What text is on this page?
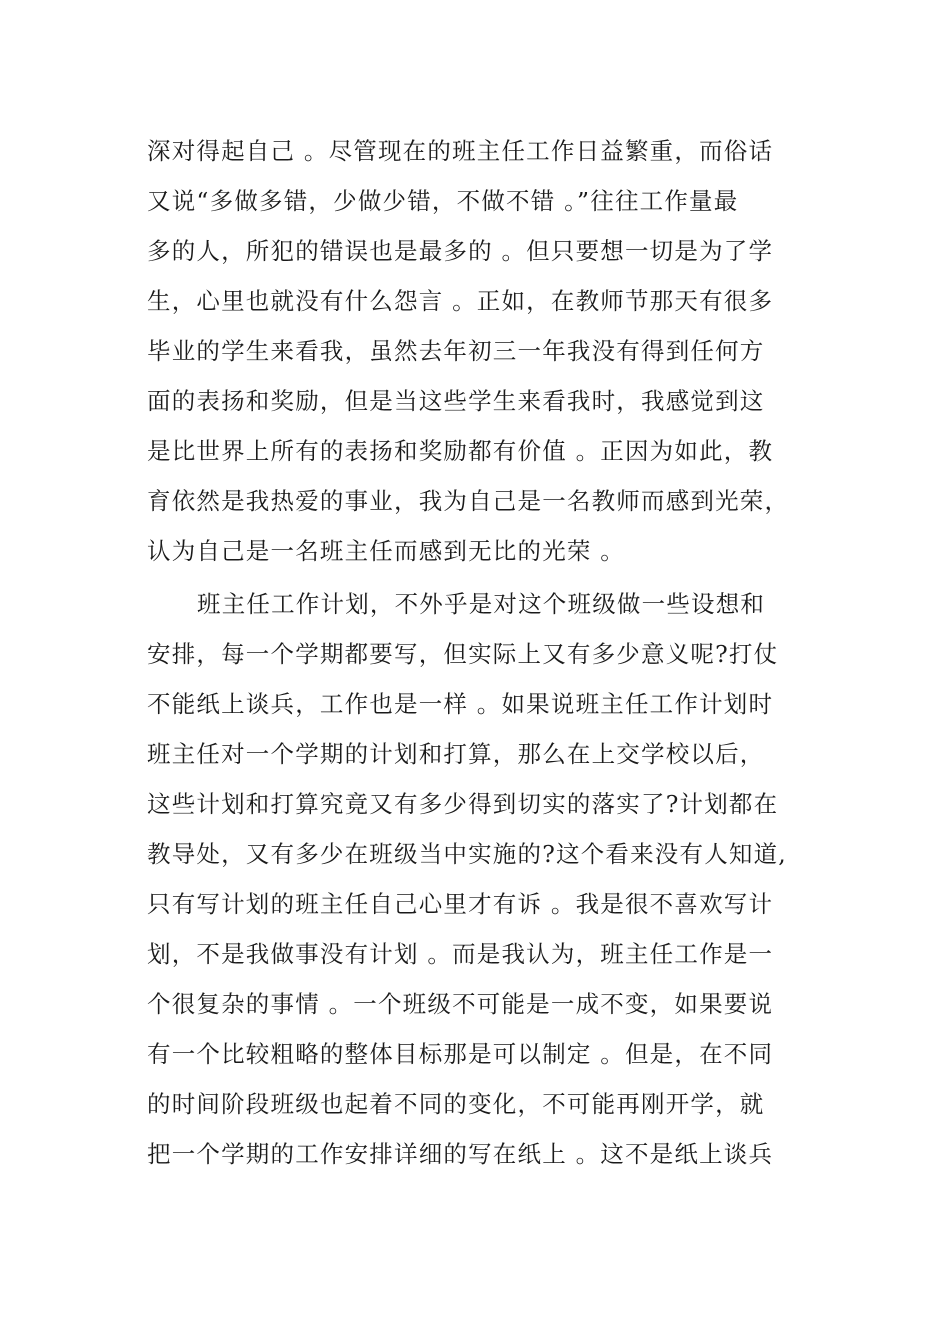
深对得起自己 。尽管现在的班主任工作日益繁重，而俗话
又说“多做多错，少做少错，不做不错 。”往往工作量最
多的人，所犯的错误也是最多的 。但只要想一切是为了学
生，心里也就没有什么怨言 。正如，在教师节那天有很多
毕业的学生来看我，虽然去年初三一年我没有得到任何方
面的表扬和奖励，但是当这些学生来看我时，我感觉到这
是比世界上所有的表扬和奖励都有价值 。正因为如此，教
育依然是我热爱的事业，我为自己是一名教师而感到光荣，
认为自己是一名班主任而感到无比的光荣 。
班主任工作计划，不外乎是对这个班级做一些设想和
安排，每一个学期都要写，但实际上又有多少意义呢?打仗
不能纸上谈兵，工作也是一样 。如果说班主任工作计划时
班主任对一个学期的计划和打算，那么在上交学校以后，
这些计划和打算究竟又有多少得到切实的落实了?计划都在
教导处，又有多少在班级当中实施的?这个看来没有人知道,
只有写计划的班主任自己心里才有诉 。我是很不喜欢写计
划，不是我做事没有计划 。而是我认为，班主任工作是一
个很复杂的事情 。一个班级不可能是一成不变，如果要说
有一个比较粗略的整体目标那是可以制定 。但是，在不同
的时间阶段班级也起着不同的变化，不可能再刚开学，就
把一个学期的工作安排详细的写在纸上 。这不是纸上谈兵
